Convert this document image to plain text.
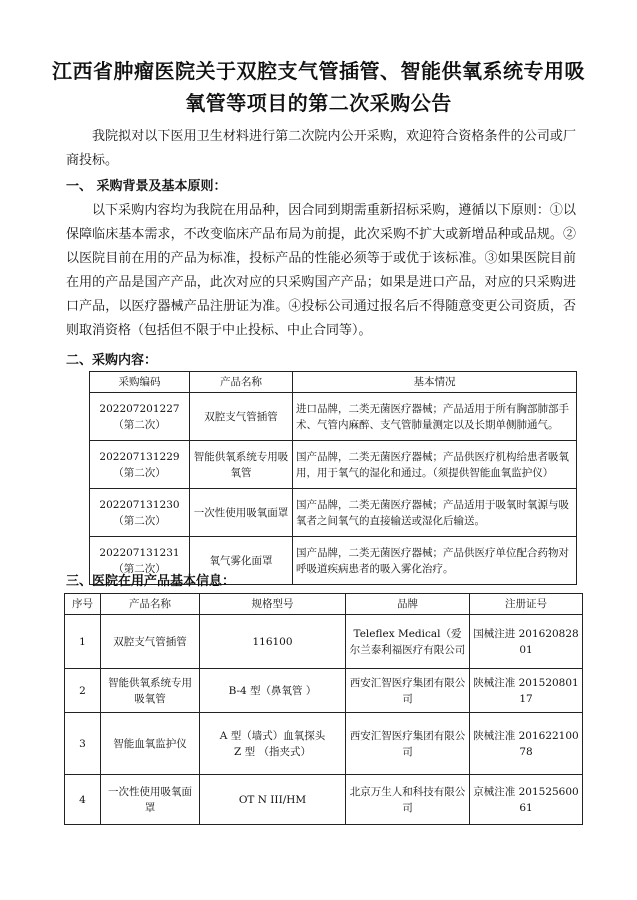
江西省肿瘤医院关于双腔支气管插管、智能供氧系统专用吸
氧管等项目的第二次采购公告
我院拟对以下医用卫生材料进行第二次院内公开采购，欢迎符合资格条件的公司或厂商投标。
一、 采购背景及基本原则：
以下采购内容均为我院在用品种，因合同到期需重新招标采购，遵循以下原则：①以保障临床基本需求，不改变临床产品布局为前提，此次采购不扩大或新增品种或品规。②以医院目前在用的产品为标准，投标产品的性能必须等于或优于该标准。③如果医院目前在用的产品是国产产品，此次对应的只采购国产产品；如果是进口产品，对应的只采购进口产品，以医疗器械产品注册证为准。④投标公司通过报名后不得随意变更公司资质，否则取消资格（包括但不限于中止投标、中止合同等）。
二、采购内容：
采购编码	产品名称	基本情况

202207201227
（第二次）	双腔支气管插管	进口品牌，二类无菌医疗器械；产品适用于所有胸部肺部手术、气管内麻醉、支气管肺量测定以及长期单侧肺通气。

202207131229
（第二次）	智能供氧系统专用吸氧管	国产品牌，二类无菌医疗器械；产品供医疗机构给患者吸氧用，用于氧气的湿化和通过。（须提供智能血氧监护仪）

202207131230
（第二次）	一次性使用吸氧面罩	国产品牌，二类无菌医疗器械；产品适用于吸氧时氧源与吸氧者之间氧气的直接输送或湿化后输送。

202207131231
（第二次）	氧气雾化面罩	国产品牌，二类无菌医疗器械；产品供医疗单位配合药物对呼吸道疾病患者的吸入雾化治疗。
三、医院在用产品基本信息：
序号	产品名称	规格型号	品牌	注册证号
1	双腔支气管插管	116100	Teleflex Medical（爱尔兰泰利福医疗有限公司	国械注进 20162082801
2	智能供氧系统专用吸氧管	B-4 型（鼻氧管 ）	西安汇智医疗集团有限公司	陕械注准 20152080117
3	智能血氧监护仪	A 型（墙式）血氧探头
Z 型 （指夹式）	西安汇智医疗集团有限公司	陕械注准 20162210078
4	一次性使用吸氧面罩	OT N III/HM	北京万生人和科技有限公司	京械注准 20152560061
